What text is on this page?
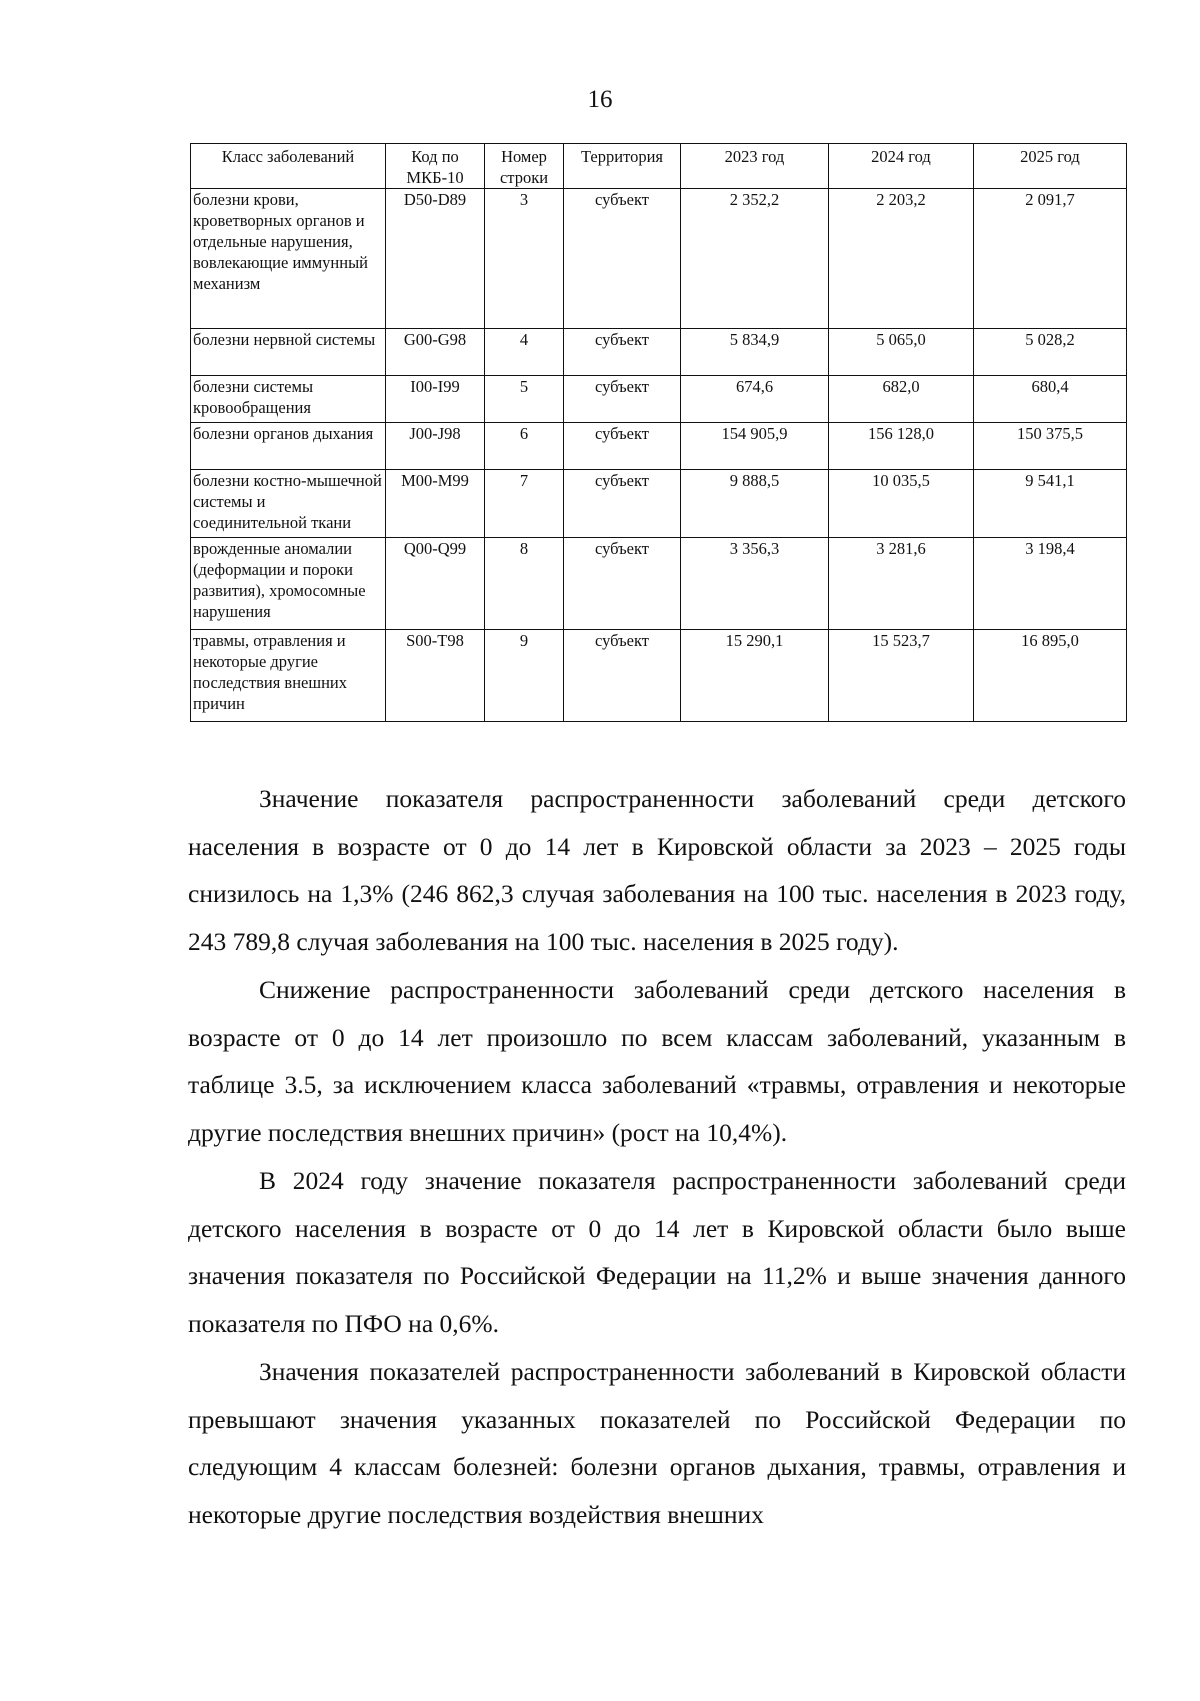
16
Класс заболеваний	Код по МКБ-10	Номер строки	Территория	2023 год	2024 год	2025 год
болезни крови, кроветворных органов и отдельные нарушения, вовлекающие иммунный механизм	D50-D89	3	субъект	2 352,2	2 203,2	2 091,7
болезни нервной системы	G00-G98	4	субъект	5 834,9	5 065,0	5 028,2
болезни системы кровообращения	I00-I99	5	субъект	674,6	682,0	680,4
болезни органов дыхания	J00-J98	6	субъект	154 905,9	156 128,0	150 375,5
болезни костно-мышечной системы и соединительной ткани	M00-M99	7	субъект	9 888,5	10 035,5	9 541,1
врожденные аномалии (деформации и пороки развития), хромосомные нарушения	Q00-Q99	8	субъект	3 356,3	3 281,6	3 198,4
травмы, отравления и некоторые другие последствия внешних причин	S00-T98	9	субъект	15 290,1	15 523,7	16 895,0

Значение показателя распространенности заболеваний среди детского населения в возрасте от 0 до 14 лет в Кировской области за 2023 – 2025 годы снизилось на 1,3% (246 862,3 случая заболевания на 100 тыс. населения в 2023 году, 243 789,8 случая заболевания на 100 тыс. населения в 2025 году).

Снижение распространенности заболеваний среди детского населения в возрасте от 0 до 14 лет произошло по всем классам заболеваний, указанным в таблице 3.5, за исключением класса заболеваний «травмы, отравления и некоторые другие последствия внешних причин» (рост на 10,4%).

В 2024 году значение показателя распространенности заболеваний среди детского населения в возрасте от 0 до 14 лет в Кировской области было выше значения показателя по Российской Федерации на 11,2% и выше значения данного показателя по ПФО на 0,6%.

Значения показателей распространенности заболеваний в Кировской области превышают значения указанных показателей по Российской Федерации по следующим 4 классам болезней: болезни органов дыхания, травмы, отравления и некоторые другие последствия воздействия внешних
